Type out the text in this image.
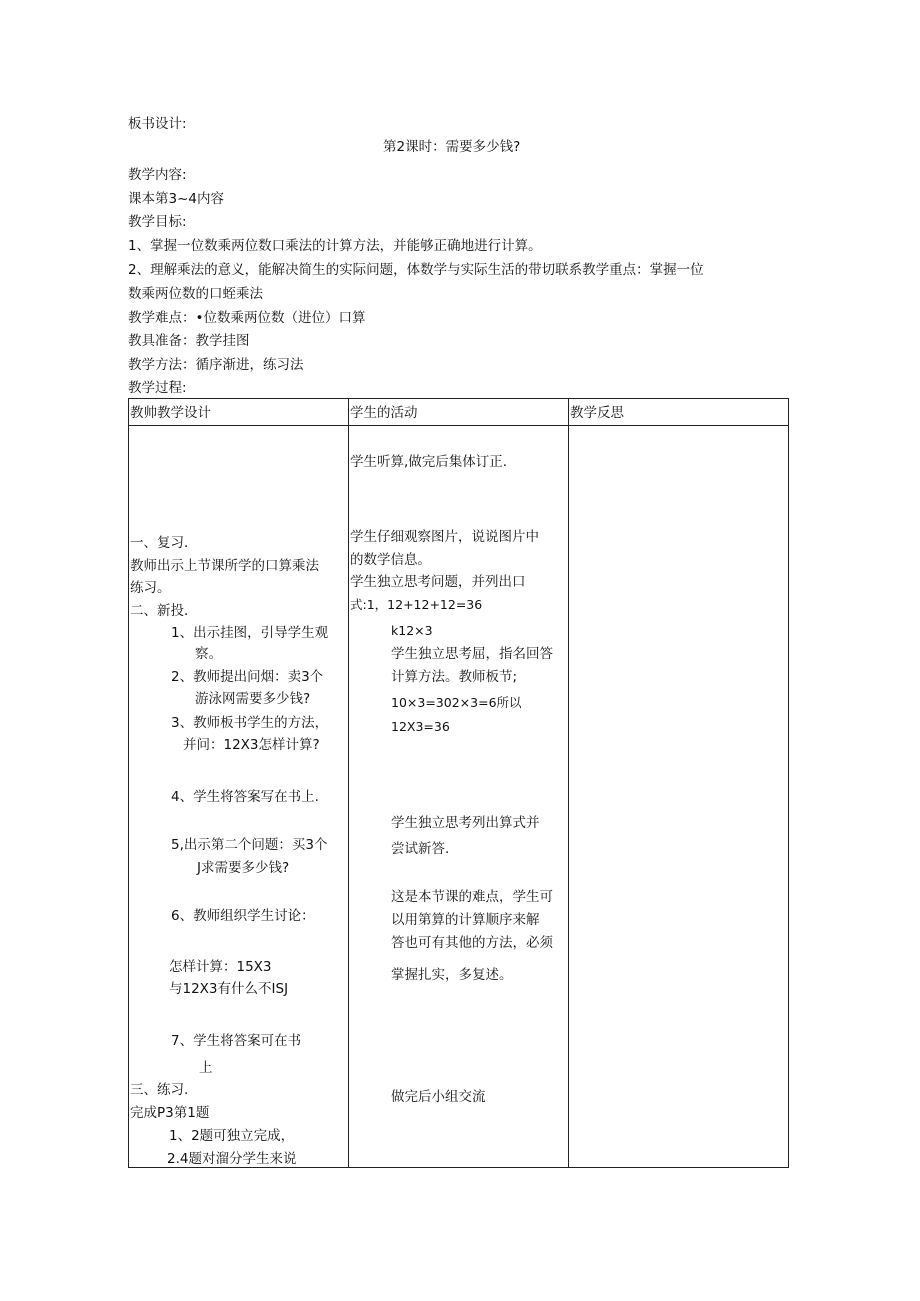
板书设计:
第2课时：需要多少钱?
教学内容:
课本第3~4内容
教学目标:
1、掌握一位数乘两位数口乘法的计算方法，并能够正确地进行计算。
2、理解乘法的意义，能解决简生的实际问题，体数学与实际生活的带切联系教学重点：掌握一位
数乘两位数的口蛭乘法
教学难点：•位数乘两位数（进位）口算
教具准备：教学挂图
教学方法：循序渐进，练习法
教学过程:
教帅教学设计	学生的活动	教学反思
一、复习.
教师出示上节课所学的口算乘法
练习。
二、新投.
1、出示挂图，引导学生观
察。
2、教师提出问烟：卖3个
游泳网需要多少钱?
3、教师板书学生的方法，
并问：12X3怎样计算?
4、学生将答案写在书上.
5,出示第二个问题：买3个
J求需要多少钱?
6、教师组织学生讨论：
怎样计算：15X3
与12X3有什么不ISJ
7、学生将答案可在书
上
三、练习.
完成P3第1题
1、2题可独立完成，
2.4题对溜分学生来说
学生听算,做完后集体订正.
学生仔细观察图片，说说图片中
的数学信息。
学生独立思考问题，并列出口
式:1，12+12+12=36
k12×3
学生独立思考屈，指名回答
计算方法。教师板节;
10×3=302×3=6所以
12X3=36
学生独立思考列出算式并
尝试新答.
这是本节课的难点，学生可
以用第算的计算顺序来解
答也可有其他的方法，必须
掌握扎实，多复述。
做完后小组交流
